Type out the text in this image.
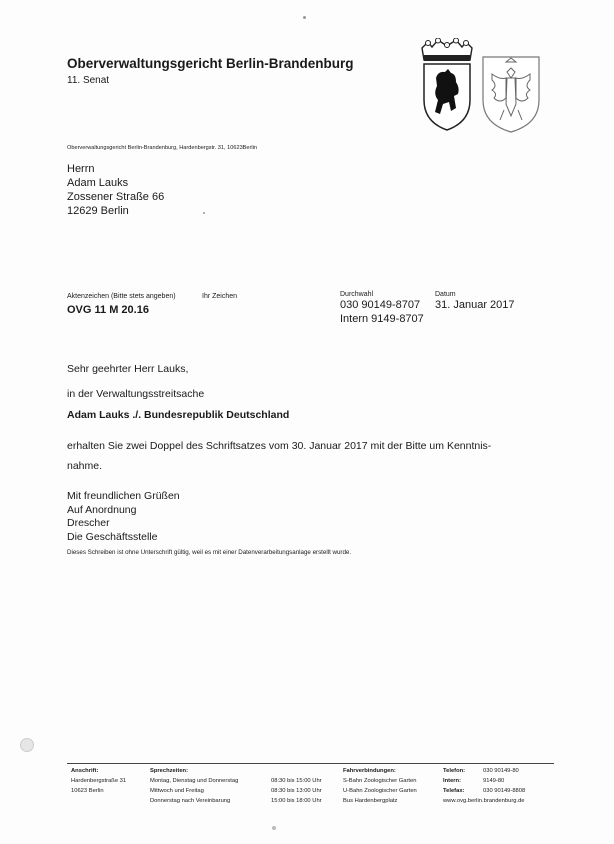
Oberverwaltungsgericht Berlin-Brandenburg
11. Senat
Oberverwaltungsgericht Berlin-Brandenburg, Hardenbergstr. 31, 10623Berlin
Herrn
Adam Lauks
Zossener Straße 66
12629 Berlin
Aktenzeichen (Bitte stets angeben)	Ihr Zeichen
OVG 11 M 20.16
Durchwahl
030 90149-8707
Intern 9149-8707
Datum
31. Januar 2017
Sehr geehrter Herr Lauks,
in der Verwaltungsstreitsache
Adam Lauks ./. Bundesrepublik Deutschland
erhalten Sie zwei Doppel des Schriftsatzes vom 30. Januar 2017 mit der Bitte um Kenntnis-
nahme.
Mit freundlichen Grüßen
Auf Anordnung
Drescher
Die Geschäftsstelle
Dieses Schreiben ist ohne Unterschrift gültig, weil es mit einer Datenverarbeitungsanlage erstellt wurde.
Anschrift:
Hardenbergstraße 31
10623 Berlin
Sprechzeiten:
Montag, Dienstag und Donnerstag
Mittwoch und Freitag
Donnerstag nach Vereinbarung
08:30 bis 15:00 Uhr
08:30 bis 13:00 Uhr
15:00 bis 18:00 Uhr
Fahrverbindungen:
S-Bahn Zoologischer Garten
U-Bahn Zoologischer Garten
Bus Hardenbergplatz
Telefon:
Intern:
Telefax:
030 90149-80
9149-80
030 90149-8808
www.ovg.berlin.brandenburg.de
